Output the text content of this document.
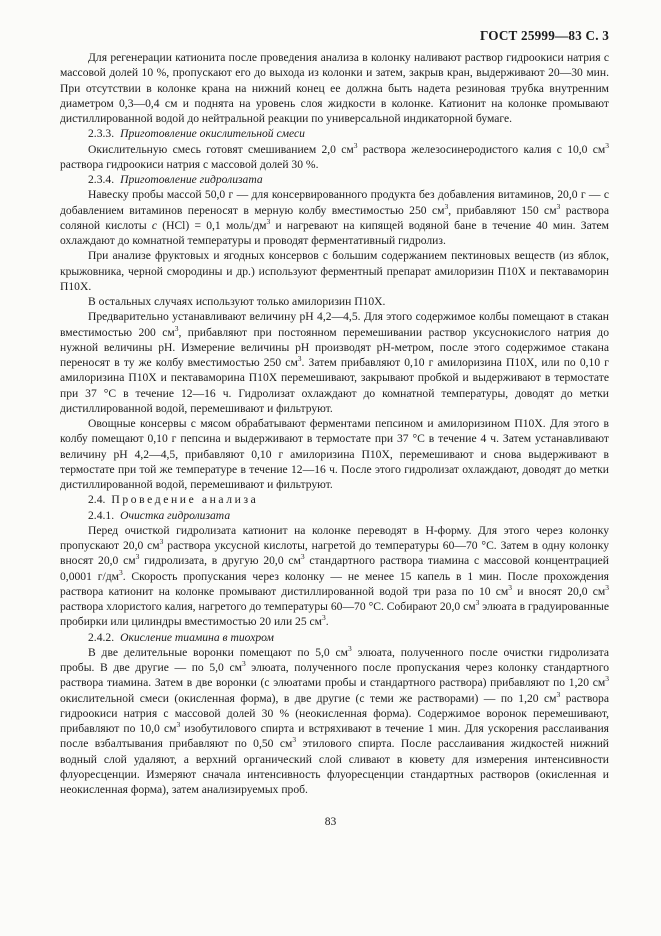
ГОСТ 25999—83 С. 3

Для регенерации катионита после проведения анализа в колонку наливают раствор гидроокиси натрия с массовой долей 10 %, пропускают его до выхода из колонки и затем, закрыв кран, выдерживают 20—30 мин. При отсутствии в колонке крана на нижний конец ее должна быть надета резиновая трубка внутренним диаметром 0,3—0,4 см и поднята на уровень слоя жидкости в колонке. Катионит на колонке промывают дистиллированной водой до нейтральной реакции по универсальной индикаторной бумаге.

2.3.3. Приготовление окислительной смеси

Окислительную смесь готовят смешиванием 2,0 $см^3$ раствора железосинеродистого калия с 10,0 $см^3$ раствора гидроокиси натрия с массовой долей 30 %.

2.3.4. Приготовление гидролизата

Навеску пробы массой 50,0 г — для консервированного продукта без добавления витаминов, 20,0 г — с добавлением витаминов переносят в мерную колбу вместимостью 250 $см^3$, прибавляют 150 $см^3$ раствора соляной кислоты c (HCl) = 0,1 моль/$дм^3$ и нагревают на кипящей водяной бане в течение 40 мин. Затем охлаждают до комнатной температуры и проводят ферментативный гидролиз.

При анализе фруктовых и ягодных консервов с большим содержанием пектиновых веществ (из яблок, крыжовника, черной смородины и др.) используют ферментный препарат амилоризин П10Х и пектаваморин П10Х.

В остальных случаях используют только амилоризин П10Х.

Предварительно устанавливают величину pH 4,2—4,5. Для этого содержимое колбы помещают в стакан вместимостью 200 $см^3$, прибавляют при постоянном перемешивании раствор уксуснокислого натрия до нужной величины pH. Измерение величины pH производят pH-метром, после этого содержимое стакана переносят в ту же колбу вместимостью 250 $см^3$. Затем прибавляют 0,10 г амилоризина П10Х, или по 0,10 г амилоризина П10Х и пектаваморина П10Х перемешивают, закрывают пробкой и выдерживают в термостате при 37 °С в течение 12—16 ч. Гидролизат охлаждают до комнатной температуры, доводят до метки дистиллированной водой, перемешивают и фильтруют.

Овощные консервы с мясом обрабатывают ферментами пепсином и амилоризином П10Х. Для этого в колбу помещают 0,10 г пепсина и выдерживают в термостате при 37 °С в течение 4 ч. Затем устанавливают величину pH 4,2—4,5, прибавляют 0,10 г амилоризина П10Х, перемешивают и снова выдерживают в термостате при той же температуре в течение 12—16 ч. После этого гидролизат охлаждают, доводят до метки дистиллированной водой, перемешивают и фильтруют.

2.4. Проведение анализа

2.4.1. Очистка гидролизата

Перед очисткой гидролизата катионит на колонке переводят в H-форму. Для этого через колонку пропускают 20,0 $см^3$ раствора уксусной кислоты, нагретой до температуры 60—70 °С. Затем в одну колонку вносят 20,0 $см^3$ гидролизата, в другую 20,0 $см^3$ стандартного раствора тиамина с массовой концентрацией 0,0001 $г/дм^3$. Скорость пропускания через колонку — не менее 15 капель в 1 мин. После прохождения раствора катионит на колонке промывают дистиллированной водой три раза по 10 $см^3$ и вносят 20,0 $см^3$ раствора хлористого калия, нагретого до температуры 60—70 °С. Собирают 20,0 $см^3$ элюата в градуированные пробирки или цилиндры вместимостью 20 или 25 $см^3$.

2.4.2. Окисление тиамина в тиохром

В две делительные воронки помещают по 5,0 $см^3$ элюата, полученного после очистки гидролизата пробы. В две другие — по 5,0 $см^3$ элюата, полученного после пропускания через колонку стандартного раствора тиамина. Затем в две воронки (с элюатами пробы и стандартного раствора) прибавляют по 1,20 $см^3$ окислительной смеси (окисленная форма), в две другие (с теми же растворами) — по 1,20 $см^3$ раствора гидроокиси натрия с массовой долей 30 % (неокисленная форма). Содержимое воронок перемешивают, прибавляют по 10,0 $см^3$ изобутилового спирта и встряхивают в течение 1 мин. Для ускорения расслаивания после взбалтывания прибавляют по 0,50 $см^3$ этилового спирта. После расслаивания жидкостей нижний водный слой удаляют, а верхний органический слой сливают в кювету для измерения интенсивности флуоресценции. Измеряют сначала интенсивность флуоресценции стандартных растворов (окисленная и неокисленная форма), затем анализируемых проб.

83
